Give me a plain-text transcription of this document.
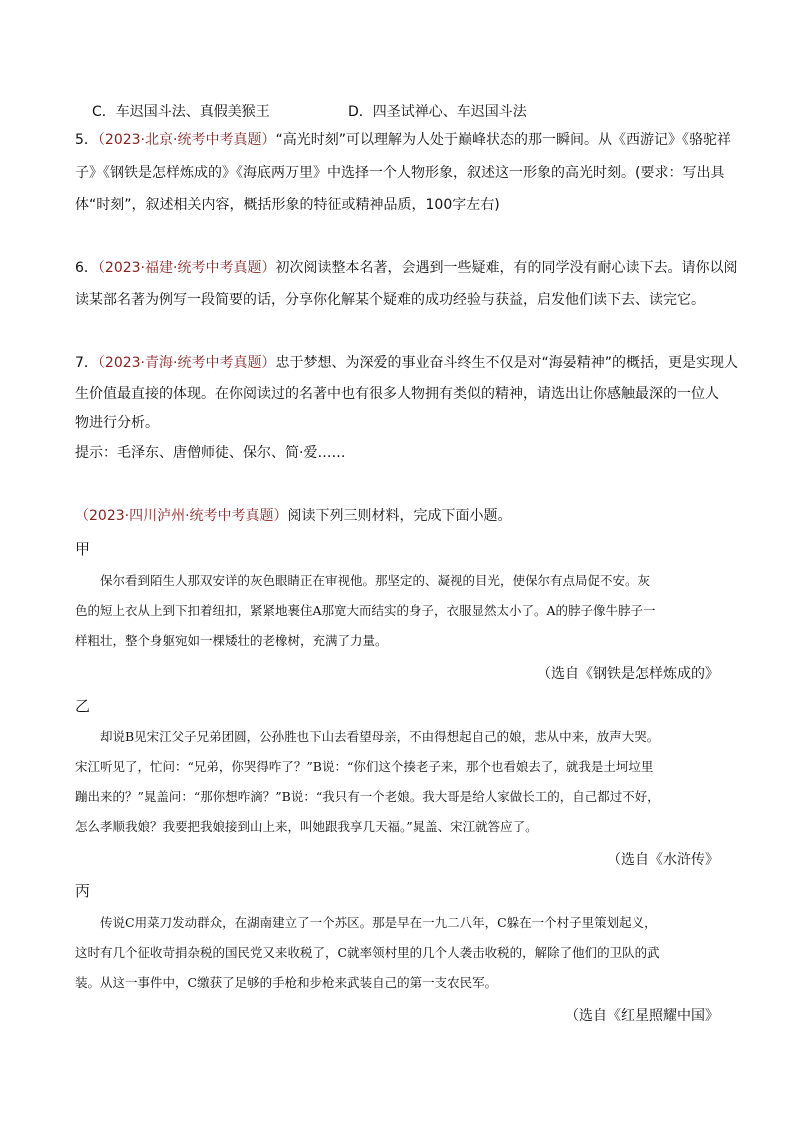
C．车迟国斗法、真假美猴王	D．四圣试禅心、车迟国斗法
5．（2023·北京·统考中考真题）“高光时刻”可以理解为人处于巅峰状态的那一瞬间。从《西游记》《骆驼祥
子》《钢铁是怎样炼成的》《海底两万里》中选择一个人物形象，叙述这一形象的高光时刻。(要求：写出具
体“时刻”，叙述相关内容，概括形象的特征或精神品质，100字左右)
6．（2023·福建·统考中考真题）初次阅读整本名著，会遇到一些疑难，有的同学没有耐心读下去。请你以阅
读某部名著为例写一段简要的话，分享你化解某个疑难的成功经验与获益，启发他们读下去、读完它。
7．（2023·青海·统考中考真题）忠于梦想、为深爱的事业奋斗终生不仅是对“海晏精神”的概括，更是实现人
生价值最直接的体现。在你阅读过的名著中也有很多人物拥有类似的精神，请选出让你感触最深的一位人
物进行分析。
提示：毛泽东、唐僧师徒、保尔、简·爱……
（2023·四川泸州·统考中考真题）阅读下列三则材料，完成下面小题。
甲
保尔看到陌生人那双安详的灰色眼睛正在审视他。那坚定的、凝视的目光，使保尔有点局促不安。灰
色的短上衣从上到下扣着纽扣，紧紧地裹住A那宽大而结实的身子，衣服显然太小了。A的脖子像牛脖子一
样粗壮，整个身躯宛如一棵矮壮的老橡树，充满了力量。
（选自《钢铁是怎样炼成的》
乙
却说B见宋江父子兄弟团圆，公孙胜也下山去看望母亲，不由得想起自己的娘，悲从中来，放声大哭。
宋江听见了，忙问：“兄弟，你哭得咋了？”B说：“你们这个揍老子来，那个也看娘去了，就我是土坷垃里
蹦出来的？”晁盖问：“那你想咋滴？”B说：“我只有一个老娘。我大哥是给人家做长工的，自己都过不好，
怎么孝顺我娘？我要把我娘接到山上来，叫她跟我享几天福。”晁盖、宋江就答应了。
（选自《水浒传》
丙
传说C用菜刀发动群众，在湖南建立了一个苏区。那是早在一九二八年，C躲在一个村子里策划起义，
这时有几个征收苛捐杂税的国民党又来收税了，C就率领村里的几个人袭击收税的，解除了他们的卫队的武
装。从这一事件中，C缴获了足够的手枪和步枪来武装自己的第一支农民军。
（选自《红星照耀中国》
